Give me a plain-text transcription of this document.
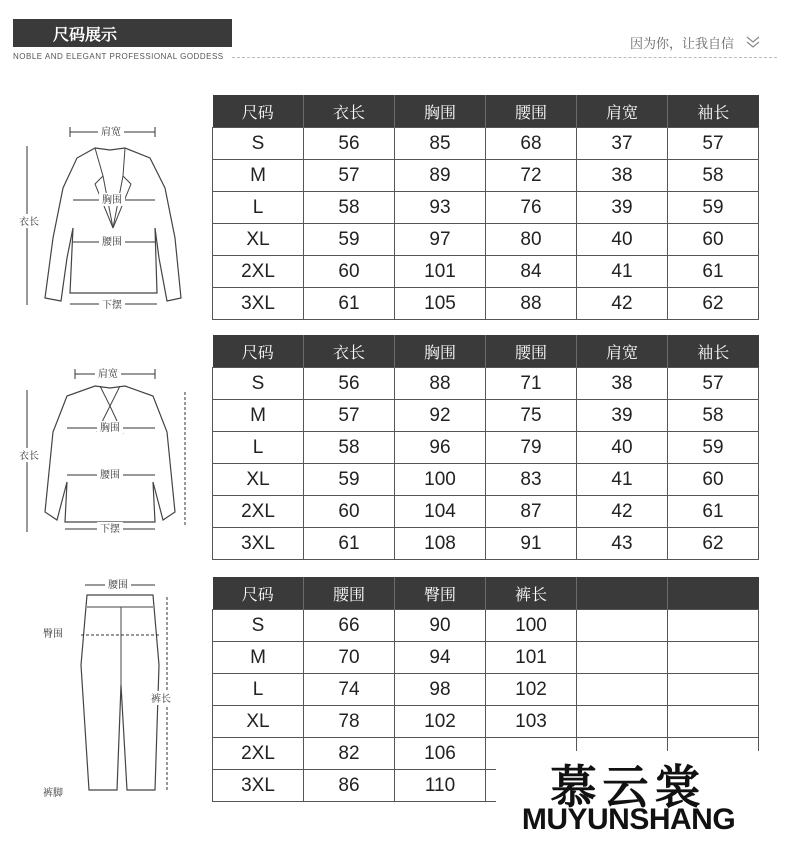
尺码展示
NOBLE AND ELEGANT PROFESSIONAL GODDESS
因为你，让我自信
肩宽
衣长
胸围
腰围
下摆
肩宽
衣长
胸围
腰围
下摆
腰围
臀围
裤长
裤脚
尺码	衣长	胸围	腰围	肩宽	袖长
S	56	85	68	37	57
M	57	89	72	38	58
L	58	93	76	39	59
XL	59	97	80	40	60
2XL	60	101	84	41	61
3XL	61	105	88	42	62
尺码	衣长	胸围	腰围	肩宽	袖长
S	56	88	71	38	57
M	57	92	75	39	58
L	58	96	79	40	59
XL	59	100	83	41	60
2XL	60	104	87	42	61
3XL	61	108	91	43	62
尺码	腰围	臀围	裤长		
S	66	90	100		
M	70	94	101		
L	74	98	102		
XL	78	102	103		
2XL	82	106			
3XL	86	110				慕云裳
MUYUNSHANG
